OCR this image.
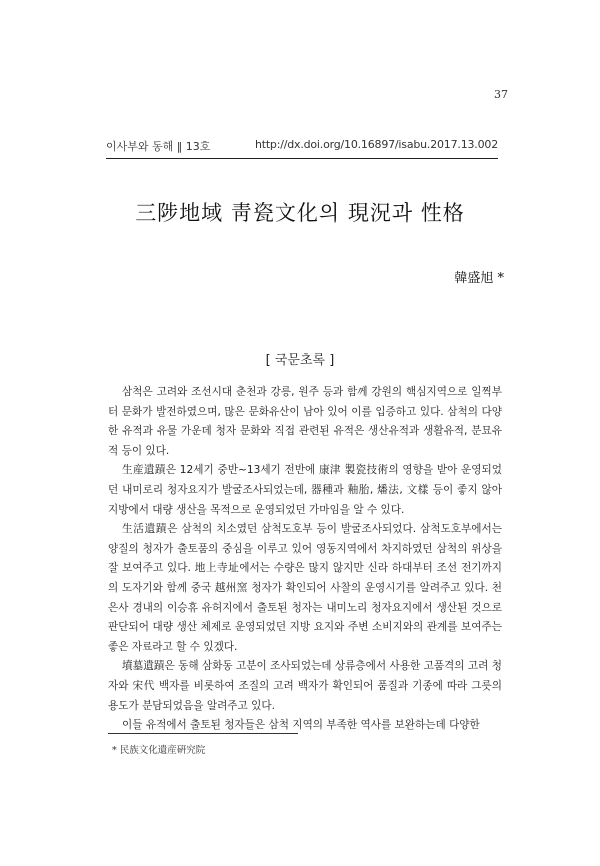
37
이사부와 동해 ‖ 13호	http://dx.doi.org/10.16897/isabu.2017.13.002
三陟地域 靑瓷文化의 現況과 性格
韓盛旭 *
[ 국문초록 ]

삼척은 고려와 조선시대 춘천과 강릉, 원주 등과 함께 강원의 핵심지역으로 일찍부터 문화가 발전하였으며, 많은 문화유산이 남아 있어 이를 입증하고 있다. 삼척의 다양한 유적과 유물 가운데 청자 문화와 직접 관련된 유적은 생산유적과 생활유적, 분묘유적 등이 있다.

生産遺蹟은 12세기 중반∼13세기 전반에 康津 製瓷技術의 영향을 받아 운영되었던 내미로리 청자요지가 발굴조사되었는데, 器種과 釉胎, 燔法, 文樣 등이 좋지 않아 지방에서 대량 생산을 목적으로 운영되었던 가마임을 알 수 있다.

生活遺蹟은 삼척의 치소였던 삼척도호부 등이 발굴조사되었다. 삼척도호부에서는 양질의 청자가 출토품의 중심을 이루고 있어 영동지역에서 차지하였던 삼척의 위상을 잘 보여주고 있다. 地上寺址에서는 수량은 많지 않지만 신라 하대부터 조선 전기까지의 도자기와 함께 중국 越州窯 청자가 확인되어 사찰의 운영시기를 알려주고 있다. 천은사 경내의 이승휴 유허지에서 출토된 청자는 내미노리 청자요지에서 생산된 것으로 판단되어 대량 생산 체제로 운영되었던 지방 요지와 주변 소비지와의 관계를 보여주는 좋은 자료라고 할 수 있겠다.

墳墓遺蹟은 동해 삼화동 고분이 조사되었는데 상류층에서 사용한 고품격의 고려 청자와 宋代 백자를 비롯하여 조질의 고려 백자가 확인되어 품질과 기종에 따라 그릇의 용도가 분담되었음을 알려주고 있다.

이들 유적에서 출토된 청자들은 삼척 지역의 부족한 역사를 보완하는데 다양한

* 民族文化遺産硏究院
